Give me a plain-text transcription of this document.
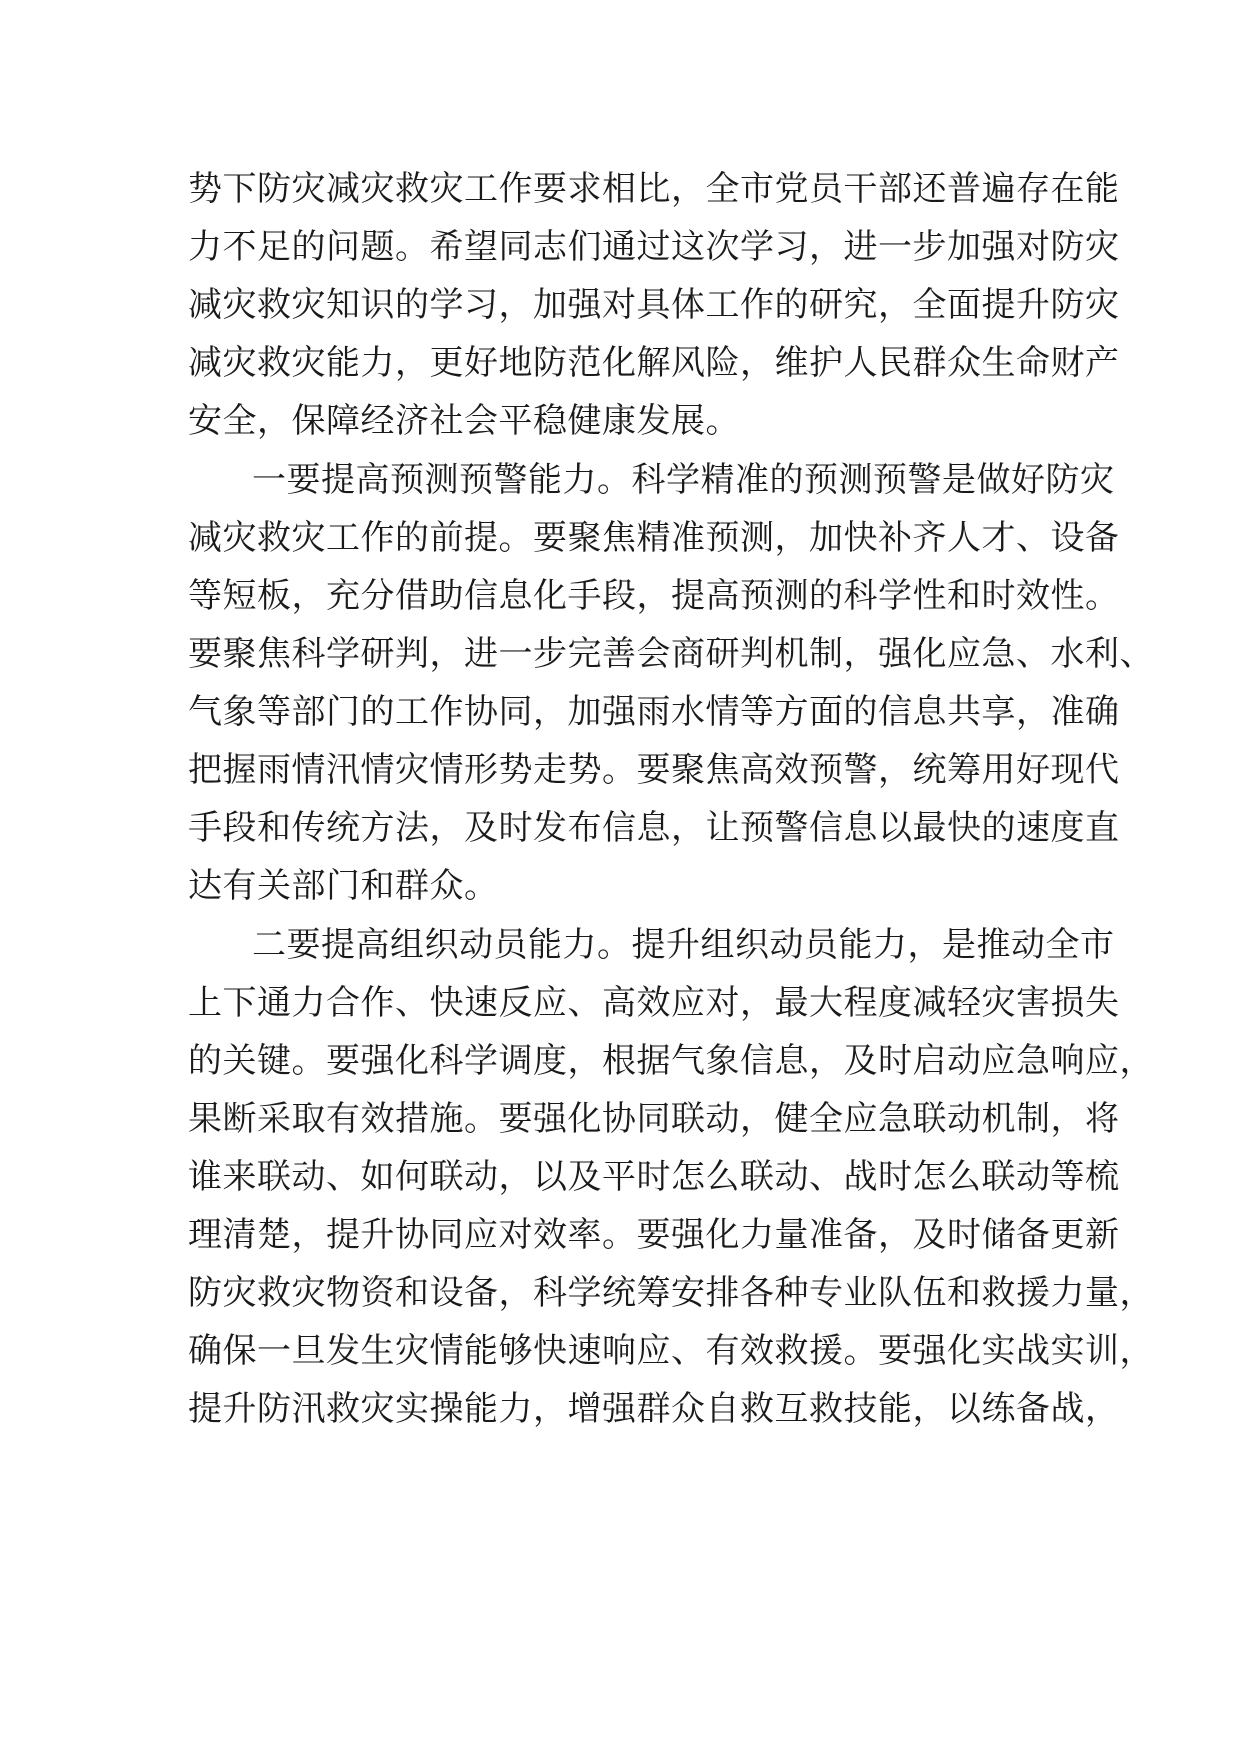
势下防灾减灾救灾工作要求相比，全市党员干部还普遍存在能
力不足的问题。希望同志们通过这次学习，进一步加强对防灾
减灾救灾知识的学习，加强对具体工作的研究，全面提升防灾
减灾救灾能力，更好地防范化解风险，维护人民群众生命财产
安全，保障经济社会平稳健康发展。
一要提高预测预警能力。科学精准的预测预警是做好防灾
减灾救灾工作的前提。要聚焦精准预测，加快补齐人才、设备
等短板，充分借助信息化手段，提高预测的科学性和时效性。
要聚焦科学研判，进一步完善会商研判机制，强化应急、水利、
气象等部门的工作协同，加强雨水情等方面的信息共享，准确
把握雨情汛情灾情形势走势。要聚焦高效预警，统筹用好现代
手段和传统方法，及时发布信息，让预警信息以最快的速度直
达有关部门和群众。
二要提高组织动员能力。提升组织动员能力，是推动全市
上下通力合作、快速反应、高效应对，最大程度减轻灾害损失
的关键。要强化科学调度，根据气象信息，及时启动应急响应，
果断采取有效措施。要强化协同联动，健全应急联动机制，将
谁来联动、如何联动，以及平时怎么联动、战时怎么联动等梳
理清楚，提升协同应对效率。要强化力量准备，及时储备更新
防灾救灾物资和设备，科学统筹安排各种专业队伍和救援力量，
确保一旦发生灾情能够快速响应、有效救援。要强化实战实训，
提升防汛救灾实操能力，增强群众自救互救技能，以练备战，
